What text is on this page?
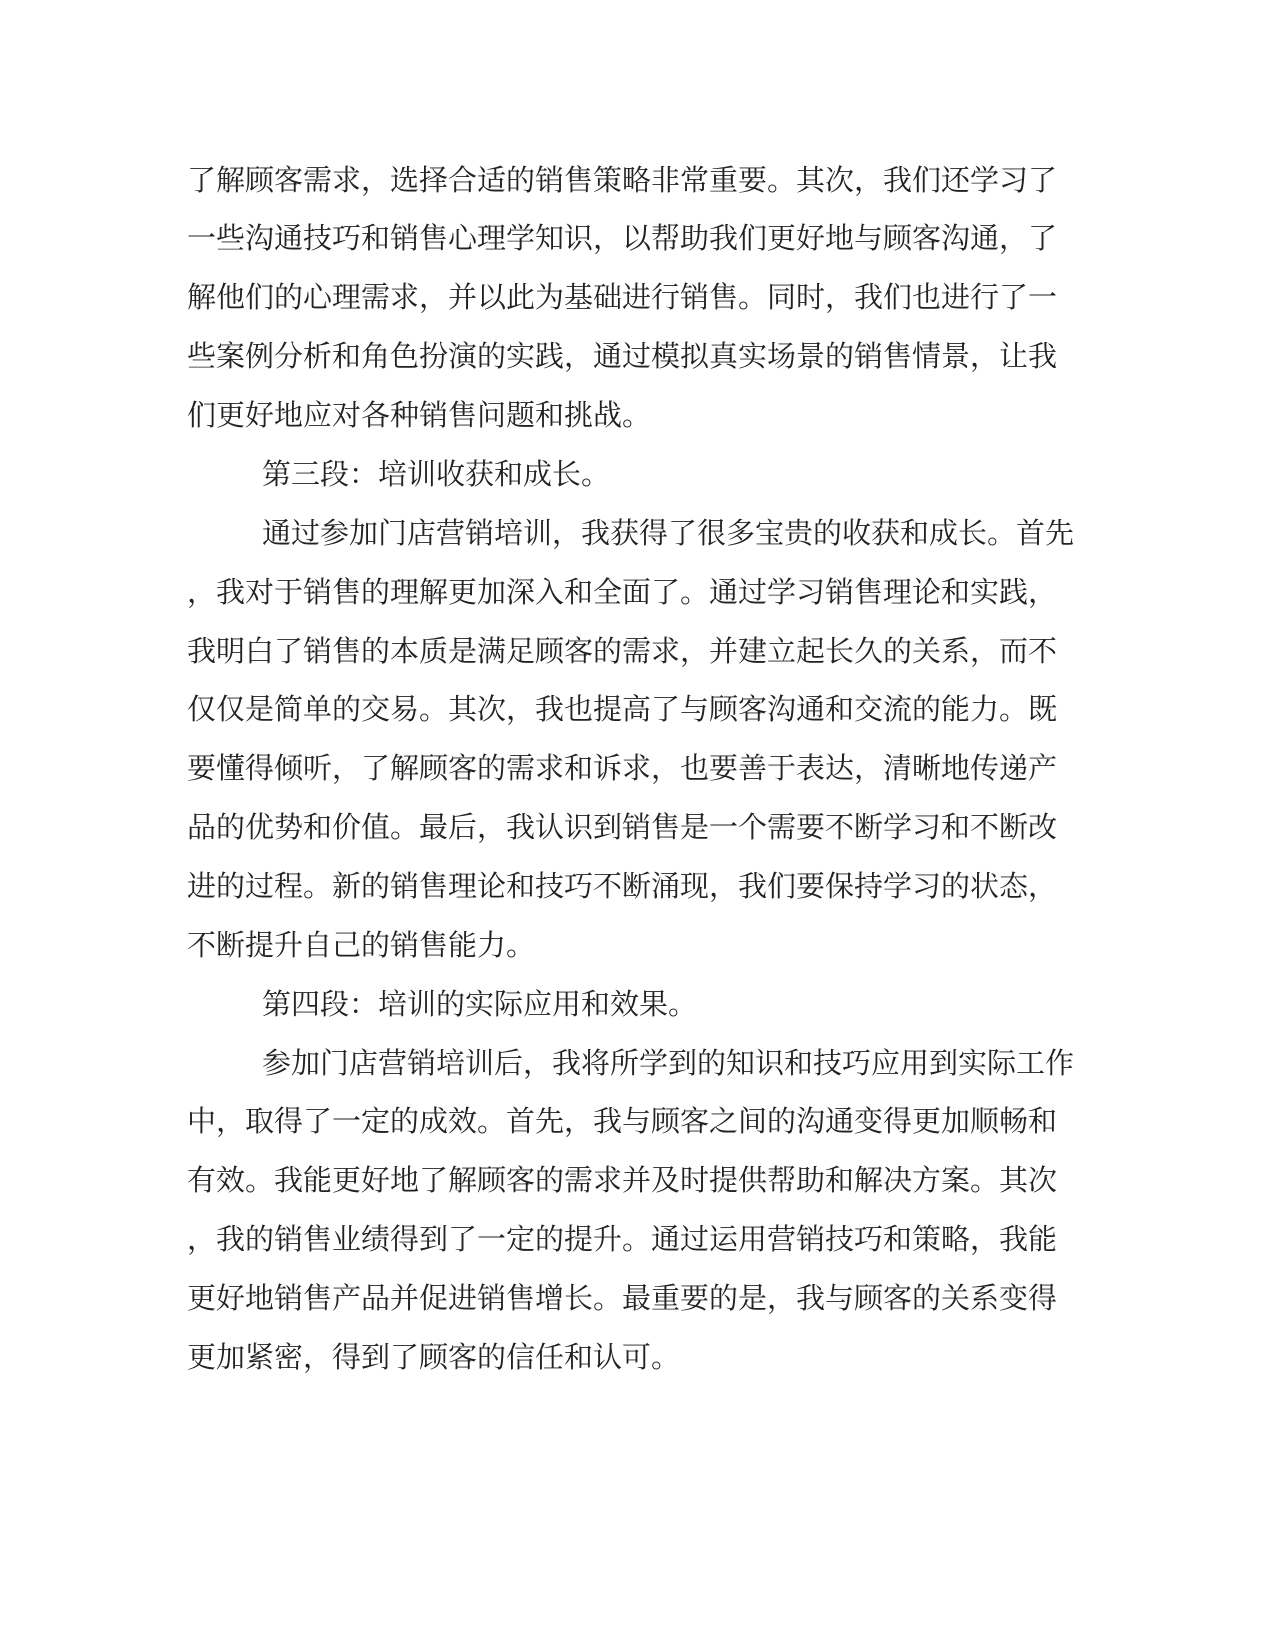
了解顾客需求，选择合适的销售策略非常重要。其次，我们还学习了
一些沟通技巧和销售心理学知识，以帮助我们更好地与顾客沟通，了
解他们的心理需求，并以此为基础进行销售。同时，我们也进行了一
些案例分析和角色扮演的实践，通过模拟真实场景的销售情景，让我
们更好地应对各种销售问题和挑战。
第三段：培训收获和成长。
通过参加门店营销培训，我获得了很多宝贵的收获和成长。首先
，我对于销售的理解更加深入和全面了。通过学习销售理论和实践，
我明白了销售的本质是满足顾客的需求，并建立起长久的关系，而不
仅仅是简单的交易。其次，我也提高了与顾客沟通和交流的能力。既
要懂得倾听，了解顾客的需求和诉求，也要善于表达，清晰地传递产
品的优势和价值。最后，我认识到销售是一个需要不断学习和不断改
进的过程。新的销售理论和技巧不断涌现，我们要保持学习的状态，
不断提升自己的销售能力。
第四段：培训的实际应用和效果。
参加门店营销培训后，我将所学到的知识和技巧应用到实际工作
中，取得了一定的成效。首先，我与顾客之间的沟通变得更加顺畅和
有效。我能更好地了解顾客的需求并及时提供帮助和解决方案。其次
，我的销售业绩得到了一定的提升。通过运用营销技巧和策略，我能
更好地销售产品并促进销售增长。最重要的是，我与顾客的关系变得
更加紧密，得到了顾客的信任和认可。
